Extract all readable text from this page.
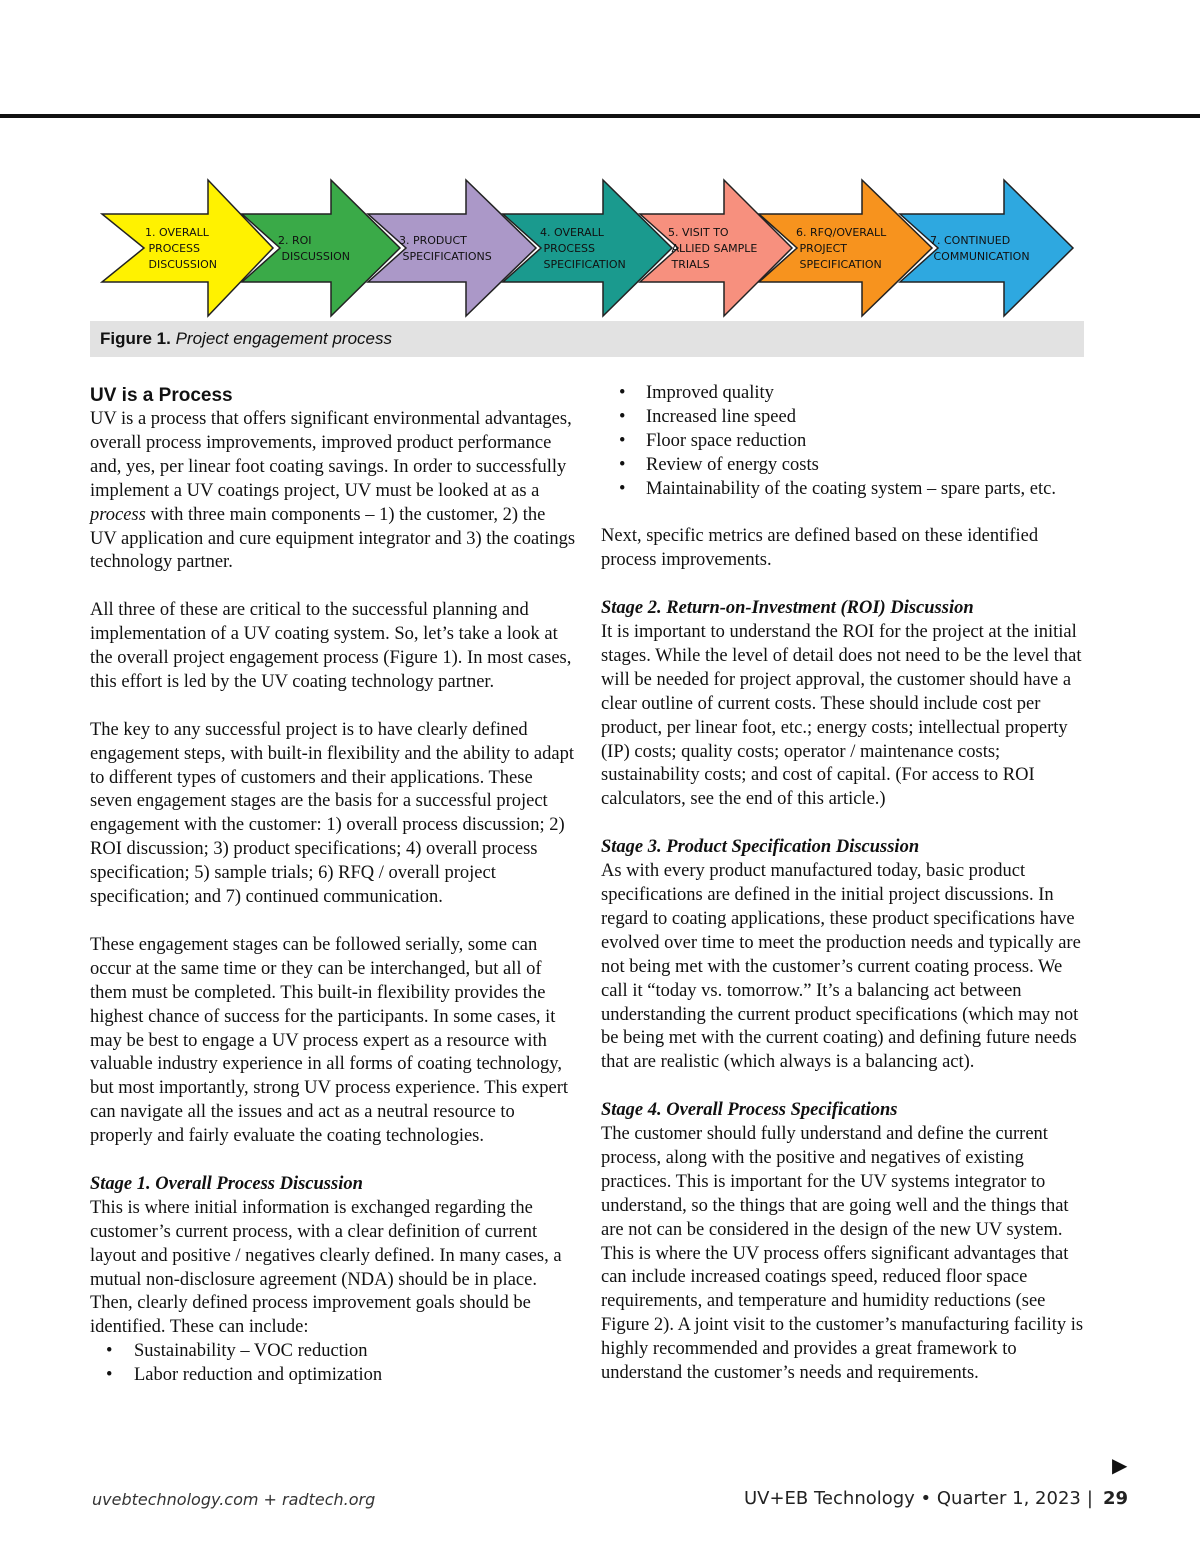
1. OVERALL PROCESS DISCUSSION
2. ROI DISCUSSION
3. PRODUCT SPECIFICATIONS
4. OVERALL PROCESS SPECIFICATION
5. VISIT TO ALLIED SAMPLE TRIALS
6. RFQ/OVERALL PROJECT SPECIFICATION
7. CONTINUED COMMUNICATION
Figure 1. Project engagement process
UV is a Process

UV is a process that offers significant environmental advantages, overall process improvements, improved product performance and, yes, per linear foot coating savings. In order to successfully implement a UV coatings project, UV must be looked at as a process with three main components – 1) the customer, 2) the UV application and cure equipment integrator and 3) the coatings technology partner.

All three of these are critical to the successful planning and implementation of a UV coating system. So, let’s take a look at the overall project engagement process (Figure 1). In most cases, this effort is led by the UV coating technology partner.

The key to any successful project is to have clearly defined engagement steps, with built-in flexibility and the ability to adapt to different types of customers and their applications. These seven engagement stages are the basis for a successful project engagement with the customer: 1) overall process discussion; 2) ROI discussion; 3) product specifications; 4) overall process specification; 5) sample trials; 6) RFQ / overall project specification; and 7) continued communication.

These engagement stages can be followed serially, some can occur at the same time or they can be interchanged, but all of them must be completed. This built-in flexibility provides the highest chance of success for the participants. In some cases, it may be best to engage a UV process expert as a resource with valuable industry experience in all forms of coating technology, but most importantly, strong UV process experience. This expert can navigate all the issues and act as a neutral resource to properly and fairly evaluate the coating technologies.

Stage 1. Overall Process Discussion

This is where initial information is exchanged regarding the customer’s current process, with a clear definition of current layout and positive / negatives clearly defined. In many cases, a mutual non-disclosure agreement (NDA) should be in place. Then, clearly defined process improvement goals should be identified. These can include:

• Sustainability – VOC reduction
• Labor reduction and optimization
• Improved quality
• Increased line speed
• Floor space reduction
• Review of energy costs
• Maintainability of the coating system – spare parts, etc.

Next, specific metrics are defined based on these identified process improvements.

Stage 2. Return-on-Investment (ROI) Discussion

It is important to understand the ROI for the project at the initial stages. While the level of detail does not need to be the level that will be needed for project approval, the customer should have a clear outline of current costs. These should include cost per product, per linear foot, etc.; energy costs; intellectual property (IP) costs; quality costs; operator / maintenance costs; sustainability costs; and cost of capital. (For access to ROI calculators, see the end of this article.)

Stage 3. Product Specification Discussion

As with every product manufactured today, basic product specifications are defined in the initial project discussions. In regard to coating applications, these product specifications have evolved over time to meet the production needs and typically are not being met with the customer’s current coating process. We call it “today vs. tomorrow.” It’s a balancing act between understanding the current product specifications (which may not be being met with the current coating) and defining future needs that are realistic (which always is a balancing act).

Stage 4. Overall Process Specifications

The customer should fully understand and define the current process, along with the positive and negatives of existing practices. This is important for the UV systems integrator to understand, so the things that are going well and the things that are not can be considered in the design of the new UV system. This is where the UV process offers significant advantages that can include increased coatings speed, reduced floor space requirements, and temperature and humidity reductions (see Figure 2). A joint visit to the customer’s manufacturing facility is highly recommended and provides a great framework to understand the customer’s needs and requirements.

▶
uvebtechnology.com + radtech.org	UV+EB Technology • Quarter 1, 2023 | 29
